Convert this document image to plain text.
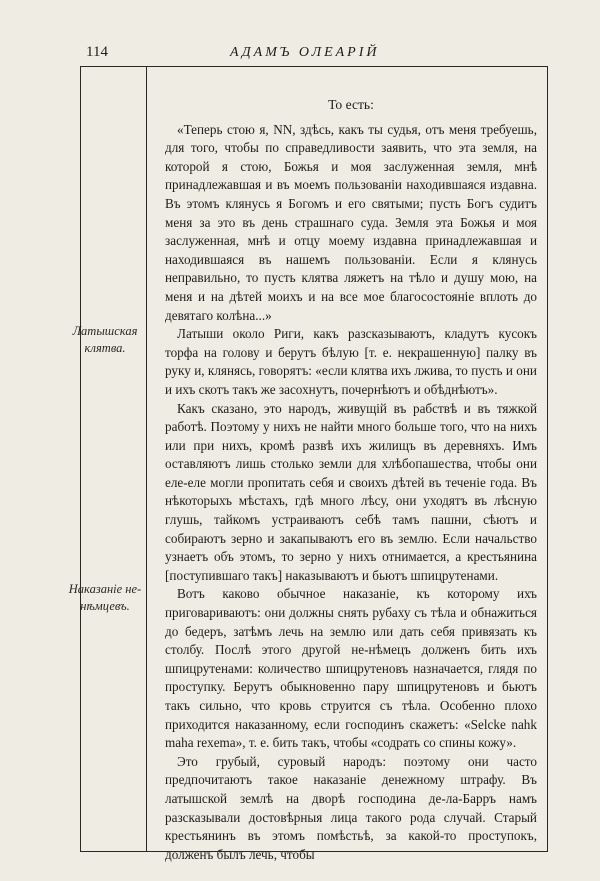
114	АДАМЪ ОЛЕАРІЙ
Латышская клятва.
Наказаніе не-нѣмцевъ.

То есть:

«Теперь стою я, NN, здѣсь, какъ ты судья, отъ меня требуешь, для того, чтобы по справедливости заявить, что эта земля, на которой я стою, Божья и моя заслуженная земля, мнѣ принадлежавшая и въ моемъ пользованіи находившаяся издавна. Въ этомъ клянусь я Богомъ и его святыми; пусть Богъ судитъ меня за это въ день страшнаго суда. Земля эта Божья и моя заслуженная, мнѣ и отцу моему издавна принадлежавшая и находившаяся въ нашемъ пользованіи. Если я клянусь неправильно, то пусть клятва ляжетъ на тѣло и душу мою, на меня и на дѣтей моихъ и на все мое благосостояніе вплоть до девятаго колѣна...»

Латыши около Риги, какъ разсказываютъ, кладутъ кусокъ торфа на голову и берутъ бѣлую [т. е. некрашенную] палку въ руку и, клянясь, говорятъ: «если клятва ихъ лжива, то пусть и они и ихъ скотъ такъ же засохнутъ, почернѣютъ и обѣднѣютъ».

Какъ сказано, это народъ, живущій въ рабствѣ и въ тяжкой работѣ. Поэтому у нихъ не найти много больше того, что на нихъ или при нихъ, кромѣ развѣ ихъ жилищъ въ деревняхъ. Имъ оставляютъ лишь столько земли для хлѣбопашества, чтобы они еле-еле могли пропитать себя и своихъ дѣтей въ теченіе года. Въ нѣкоторыхъ мѣстахъ, гдѣ много лѣсу, они уходятъ въ лѣсную глушь, тайкомъ устраиваютъ себѣ тамъ пашни, сѣютъ и собираютъ зерно и закапываютъ его въ землю. Если начальство узнаетъ объ этомъ, то зерно у нихъ отнимается, а крестьянина [поступившаго такъ] наказываютъ и бьютъ шпицрутенами.

Вотъ каково обычное наказаніе, къ которому ихъ приговариваютъ: они должны снять рубаху съ тѣла и обнажиться до бедеръ, затѣмъ лечь на землю или дать себя привязать къ столбу. Послѣ этого другой не-нѣмецъ долженъ бить ихъ шпицрутенами: количество шпицрутеновъ назначается, глядя по проступку. Берутъ обыкновенно пару шпицрутеновъ и бьютъ такъ сильно, что кровь струится съ тѣла. Особенно плохо приходится наказанному, если господинъ скажетъ: «Selcke nahk maha rexema», т. е. бить такъ, чтобы «содрать со спины кожу».

Это грубый, суровый народъ: поэтому они часто предпочитаютъ такое наказаніе денежному штрафу. Въ латышской землѣ на дворѣ господина де-ла-Барръ намъ разсказывали достовѣрныя лица такого рода случай. Старый крестьянинъ въ этомъ помѣстьѣ, за какой-то проступокъ, долженъ былъ лечь, чтобы
